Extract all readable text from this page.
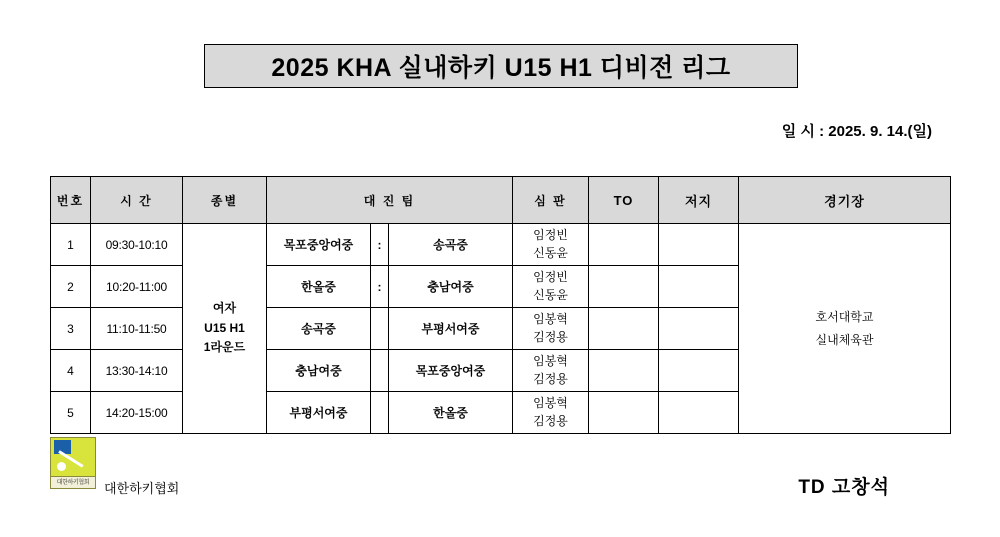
2025 KHA 실내하키 U15 H1 디비전 리그
일 시 : 2025. 9. 14.(일)
번호	시 간	종별	대 진 팀			심 판	TO	저지	경기장
1	09:30-10:10	여자
U15 H1
1라운드	목포중앙여중	:	송곡중	임정빈
신동윤			호서대학교
실내체육관

2	10:20-11:00		한올중	:	충남여중	임정빈
신동윤			

3	11:10-11:50		송곡중		부평서여중	임봉혁
김정용			

4	13:30-14:10		충남여중		목포중앙여중	임봉혁
김정용			

5	14:20-15:00		부평서여중		한올중	임봉혁
김정용			

대한하키협회	대한하키협회	TD 고창석
